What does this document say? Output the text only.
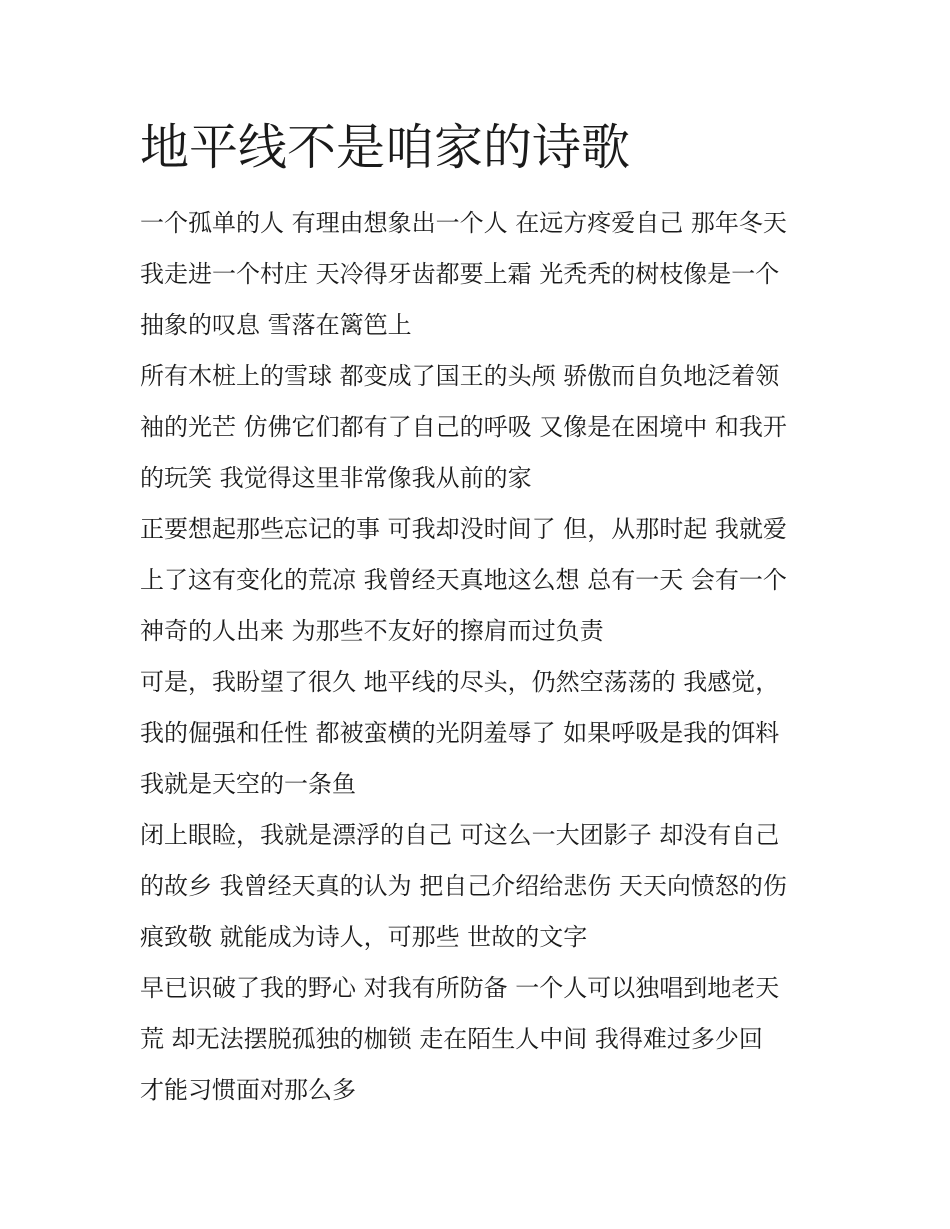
地平线不是咱家的诗歌
一个孤单的人 有理由想象出一个人 在远方疼爱自己 那年冬天
我走进一个村庄 天冷得牙齿都要上霜 光秃秃的树枝像是一个
抽象的叹息 雪落在篱笆上
所有木桩上的雪球 都变成了国王的头颅 骄傲而自负地泛着领
袖的光芒 仿佛它们都有了自己的呼吸 又像是在困境中 和我开
的玩笑 我觉得这里非常像我从前的家
正要想起那些忘记的事 可我却没时间了 但，从那时起 我就爱
上了这有变化的荒凉 我曾经天真地这么想 总有一天 会有一个
神奇的人出来 为那些不友好的擦肩而过负责
可是，我盼望了很久 地平线的尽头，仍然空荡荡的 我感觉，
我的倔强和任性 都被蛮横的光阴羞辱了 如果呼吸是我的饵料
我就是天空的一条鱼
闭上眼睑，我就是漂浮的自己 可这么一大团影子 却没有自己
的故乡 我曾经天真的认为 把自己介绍给悲伤 天天向愤怒的伤
痕致敬 就能成为诗人，可那些 世故的文字
早已识破了我的野心 对我有所防备 一个人可以独唱到地老天
荒 却无法摆脱孤独的枷锁 走在陌生人中间 我得难过多少回
才能习惯面对那么多
